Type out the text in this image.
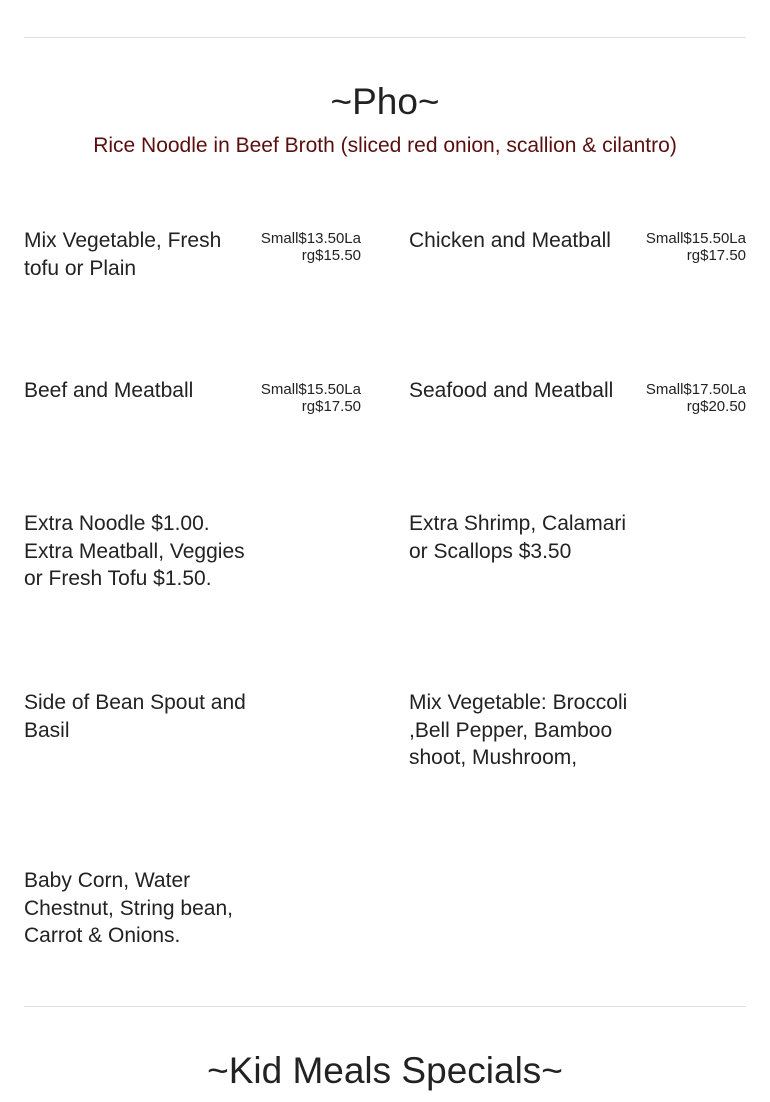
~Pho~

Rice Noodle in Beef Broth (sliced red onion, scallion & cilantro)

Mix Vegetable, Fresh tofu or Plain
Small$13.50Larg$15.50
Chicken and Meatball	Small$15.50Larg$17.50
Beef and Meatball	Small$15.50Larg$17.50
Seafood and Meatball	Small$17.50Larg$20.50
Extra Noodle $1.00. Extra Meatball, Veggies or Fresh Tofu $1.50.
Extra Shrimp, Calamari or Scallops $3.50
Side of Bean Spout and Basil
Mix Vegetable: Broccoli ,Bell Pepper, Bamboo shoot, Mushroom,
Baby Corn, Water Chestnut, String bean, Carrot & Onions.
~Kid Meals Specials~
